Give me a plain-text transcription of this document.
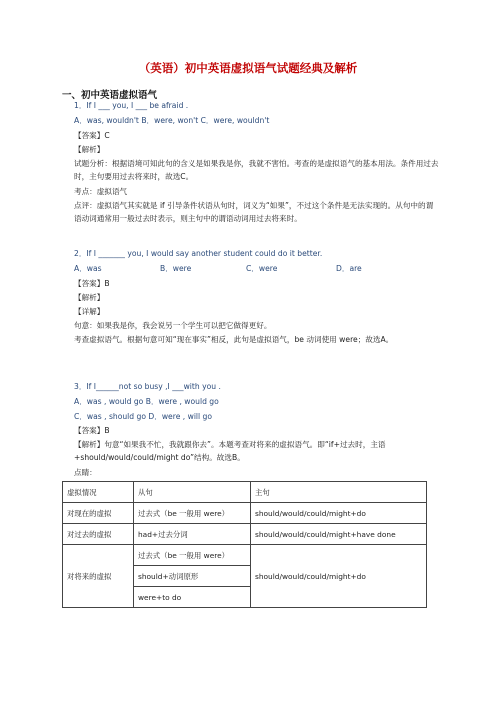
（英语）初中英语虚拟语气试题经典及解析
一、初中英语虚拟语气
1．If I ___ you, I ___ be afraid .
A．was, wouldn't B．were, won't C．were, wouldn't
【答案】C
【解析】
试题分析：根据语境可知此句的含义是如果我是你，我就不害怕。考查的是虚拟语气的基本用法。条件用过去时，主句要用过去将来时，故选C。
考点：虚拟语气
点评：虚拟语气其实就是 if 引导条件状语从句时，词义为“如果”，不过这个条件是无法实现的。从句中的谓语动词通常用一般过去时表示，则主句中的谓语动词用过去将来时。
2．If I _______ you, I would say another student could do it better.
A．was	B．were	C．were	D．are
【答案】B
【解析】
【详解】
句意：如果我是你，我会说另一个学生可以把它做得更好。
考查虚拟语气。根据句意可知“现在事实”相反，此句是虚拟语气，be 动词使用 were；故选A。
3．If I______not so busy ,I ___with you .
A．was , would go B．were , would go
C．was , should go D．were , will go
【答案】B
【解析】句意“如果我不忙，我就跟你去”。本题考查对将来的虚拟语气。即“if+过去时，主语+should/would/could/might do”结构。故选B。
点睛：
虚拟情况	从句	主句
对现在的虚拟	过去式（be 一般用 were）	should/would/could/might+do
对过去的虚拟	had+过去分词	should/would/could/might+have done
对将来的虚拟	过去式（be 一般用 were）	should/would/could/might+do
	should+动词原形	
	were+to do	
